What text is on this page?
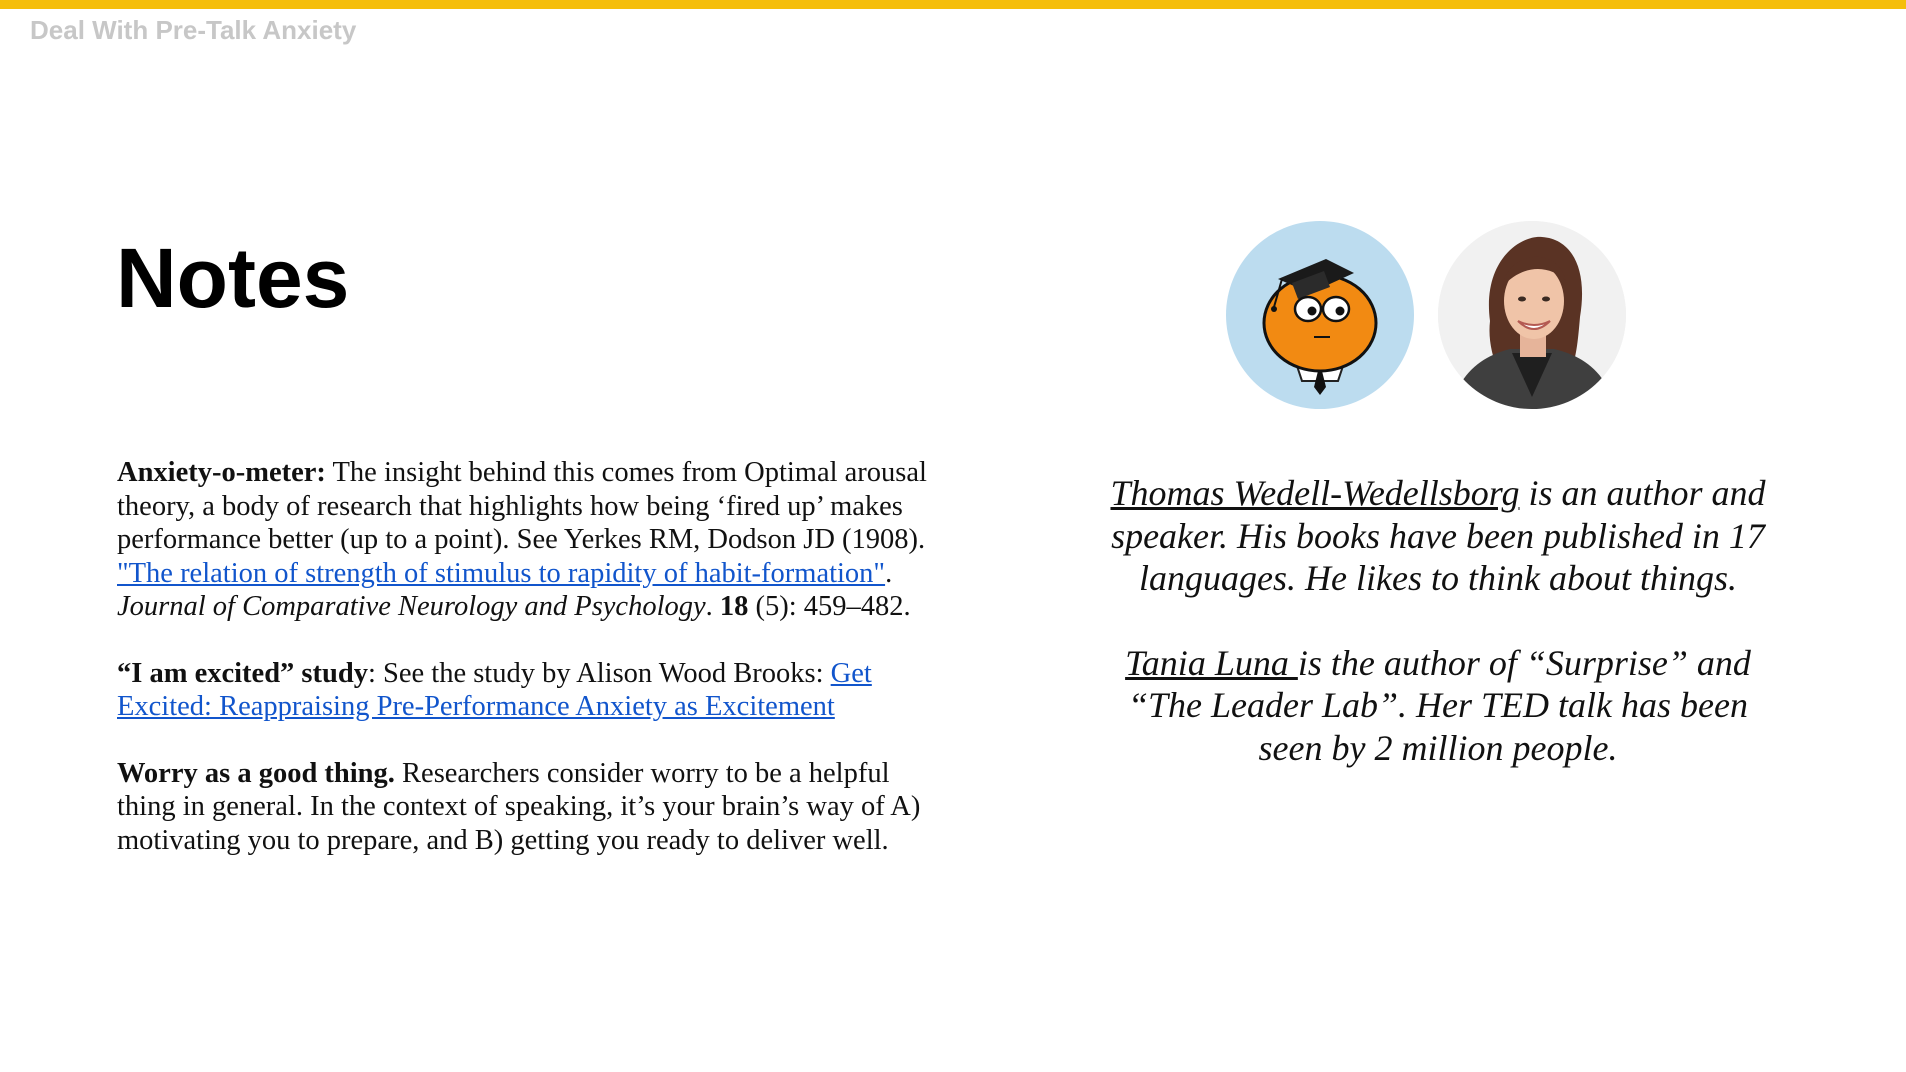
Deal With Pre-Talk Anxiety
Notes

Anxiety-o-meter: The insight behind this comes from Optimal arousal theory, a body of research that highlights how being ‘fired up’ makes performance better (up to a point). See Yerkes RM, Dodson JD (1908). "The relation of strength of stimulus to rapidity of habit-formation". Journal of Comparative Neurology and Psychology. 18 (5): 459–482.

“I am excited” study: See the study by Alison Wood Brooks: Get Excited: Reappraising Pre-Performance Anxiety as Excitement

Worry as a good thing. Researchers consider worry to be a helpful thing in general. In the context of speaking, it’s your brain’s way of A) motivating you to prepare, and B) getting you ready to deliver well.

Thomas Wedell-Wedellsborg is an author and speaker. His books have been published in 17 languages. He likes to think about things.

Tania Luna is the author of “Surprise” and “The Leader Lab”. Her TED talk has been seen by 2 million people.
